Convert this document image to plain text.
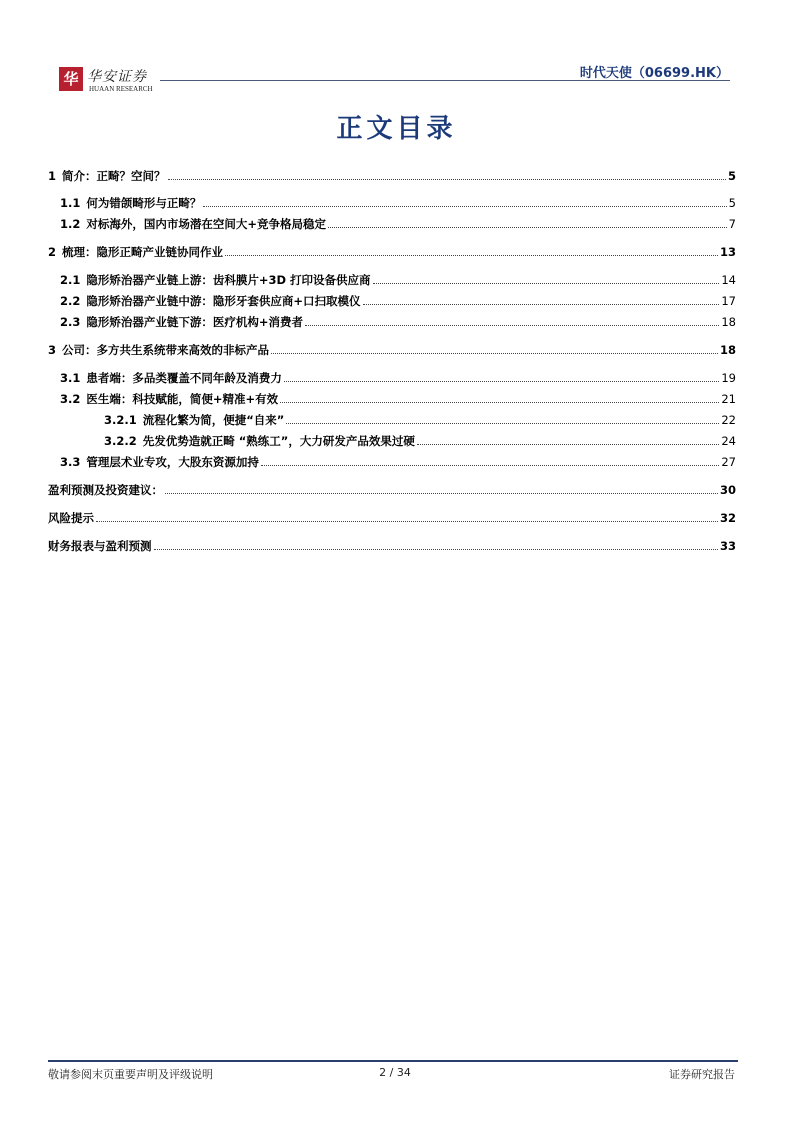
华 华安证券
HUAAN RESEARCH
时代天使（06699.HK）
正文目录
1 简介：正畸？空间？	5
1.1 何为错颌畸形与正畸？	5
1.2 对标海外，国内市场潜在空间大+竞争格局稳定	7
2 梳理：隐形正畸产业链协同作业	13
2.1 隐形矫治器产业链上游：齿科膜片+3D 打印设备供应商	14
2.2 隐形矫治器产业链中游：隐形牙套供应商+口扫取模仪	17
2.3 隐形矫治器产业链下游：医疗机构+消费者	18
3 公司：多方共生系统带来高效的非标产品	18
3.1 患者端：多品类覆盖不同年龄及消费力	19
3.2 医生端：科技赋能，简便+精准+有效	21
3.2.1 流程化繁为简，便捷“自来”	22
3.2.2 先发优势造就正畸 “熟练工”，大力研发产品效果过硬	24
3.3 管理层术业专攻，大股东资源加持	27
盈利预测及投资建议：	30
风险提示	32
财务报表与盈利预测	33
敬请参阅末页重要声明及评级说明	2 / 34	证券研究报告
